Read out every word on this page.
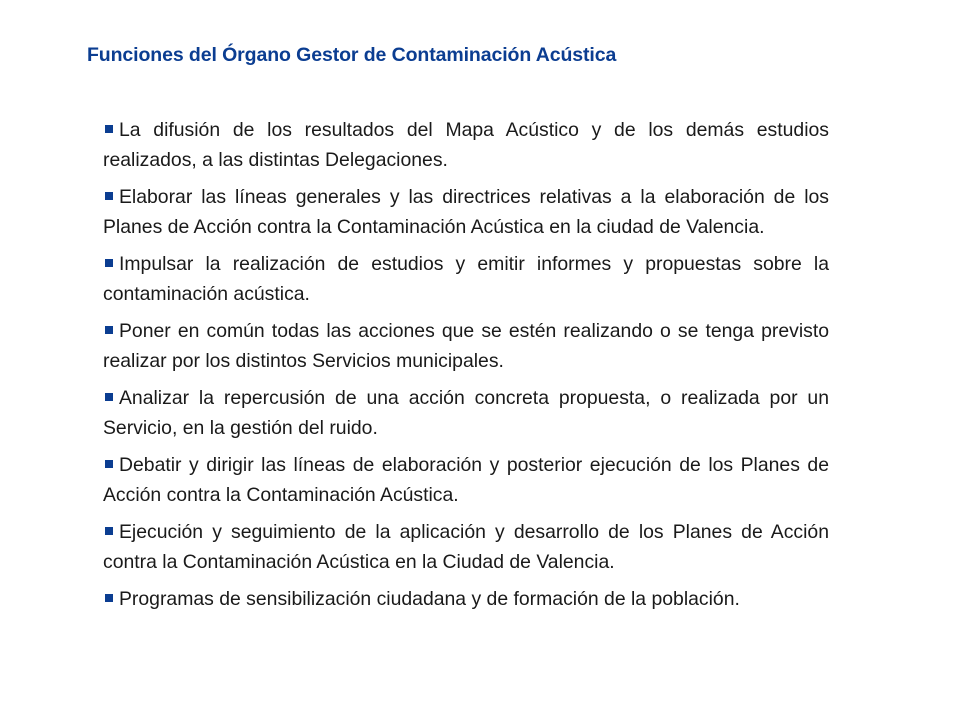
Funciones del Órgano Gestor de Contaminación Acústica
La difusión de los resultados del Mapa Acústico y de los demás estudios realizados, a las distintas Delegaciones.
Elaborar las líneas generales y las directrices relativas a la elaboración de los Planes de Acción contra la Contaminación Acústica en la ciudad de Valencia.
Impulsar la realización de estudios y emitir informes y propuestas sobre la contaminación acústica.
Poner en común todas las acciones que se estén realizando o se tenga previsto realizar por los distintos Servicios municipales.
Analizar la repercusión de una acción concreta propuesta, o realizada por un Servicio, en la gestión del ruido.
Debatir y dirigir las líneas de elaboración y posterior ejecución de los Planes de Acción contra la Contaminación Acústica.
Ejecución y seguimiento de la aplicación y desarrollo de los Planes de Acción contra la Contaminación Acústica en la Ciudad de Valencia.
Programas de sensibilización ciudadana y de formación de la población.
